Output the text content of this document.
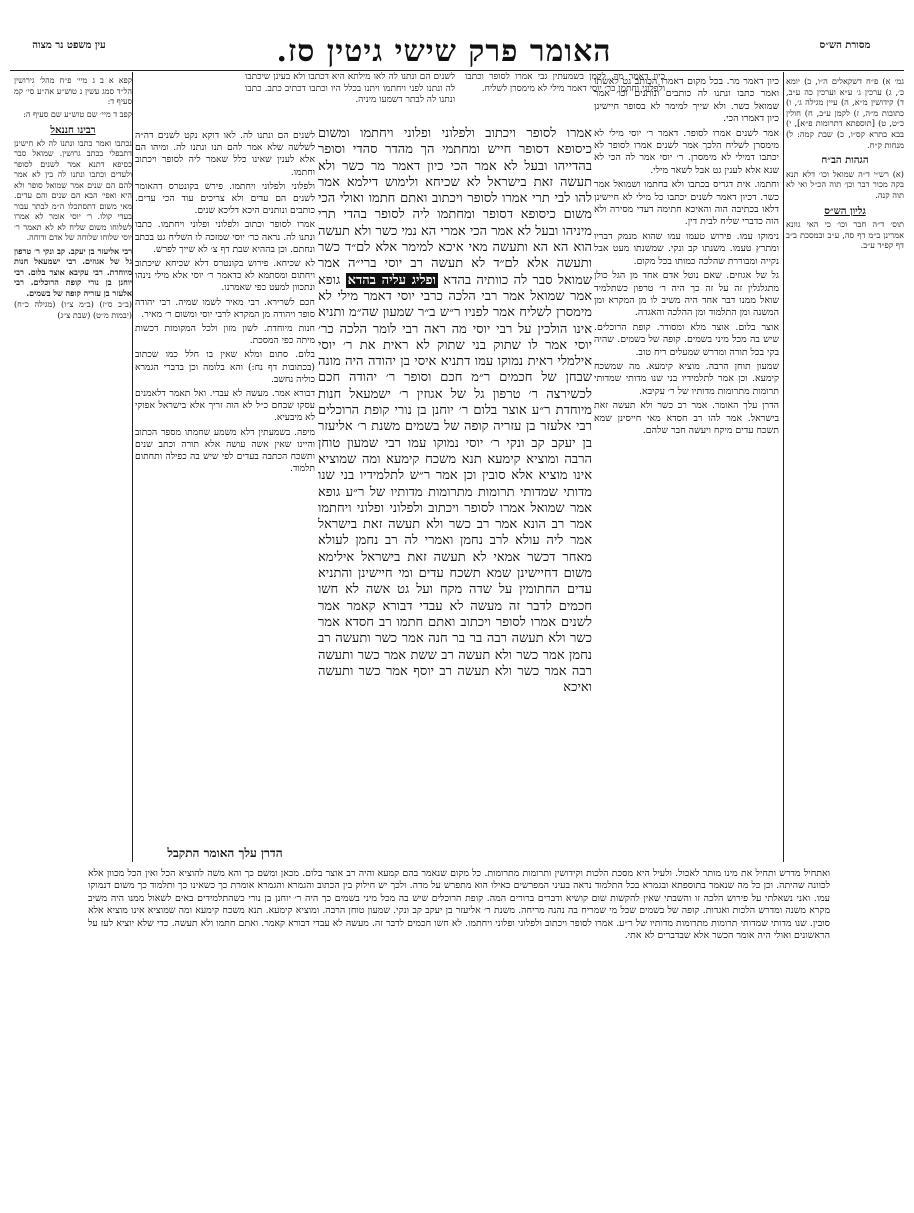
מסורת הש״ס
האומר פרק שישי גיטין סז.
עין משפט נר מצוה

גמ׳ א) פ״ח דשקאלים ה״ו, ב) יומא כ׳, ג) ערכין ג׳ ע״א וערכין כה ע״ב, ד) קידושין מ״א, ה) עיין מגילה ג׳, ו) כתובות מ״ה, ז) לקמן ע״ב, ח) חולין כ״ט, ט) [תוספתא דתרומות פ״א], י) בבא בתרא קס״ו, כ) שבת קמה: ל) מנחות ק״ח.

הגהות הב״ח

(א) רש״י ד״ה שמואל וכו׳ דלא תנא בקה מכור דבר וכן׳ תוה הכ״ל ואי לא תוה קנה.

גליון הש״ס

תוס׳ ד״ה חבר וכו׳ כי האי גוונא אמרינן ב״מ דף סה, ע״ב ובמסכת ב״ב דף קפ״ד ע״ב.

קפא א ב ג מיי׳ פ״ח מהל׳ גירושין הל״ד סמג עשין נ טוש״ע אה״ע סי׳ קמ סעיף ד:

קפב ד מיי׳ שם טוש״ע שם סעיף ה:

רבינו חננאל

נכתבו ואמר כתבו ונתנו לה לא חישינן דתבפלי בכתב גרושין. שמואל סבר כסיפא דתנא אמר לשנים לסופר ולעדים וכתבו ונתנו לה בין לא אמר להם הם שנים אמר שמואל סופר ולא היא ואפי׳ הבא הם שנים והם עדים. מאי משום דתסתכלו ה״מ לבתר עבור בעדי קולו. ר׳ יוסי אומר לא אמרו לשלוחו משום שליח לא לא תאמר ר׳ יוסי שלוחו שלוחה של אדם ודוחה.

רבי אליעזר בן יעקב. קב ונקי ר׳ טרפון גל של אגוזים. רבי ישמעאל חנות מיוחדת. רבי עקיבא אוצר בלום. רבי יוחנן בן נורי קופת הרוכלים. רבי אלעזר בן עזריה קופה של בשמים.

(ב״ב ס״ז) (ב״מ צ״ו) (מגילה כ״ח) (יבמות מ״ט) (שבת צ״ג)

כיון דאמר מר. לקמן בשמעתין גבי אמרו לסופר וכתבו ולפלוני וחתמו כר׳ יוסי דאמר מילי לא מימסרן לשליח.

לשנים הם ונתנו לה לאו מילתא היא דכתבו ולא בעינן שיכתבו לה ונתנו לפני ויחתמו ויתנו בכלל היו וכתבו דכתיב כתב. כתבו ונתנו לה לבתר דשמעו מיניה.

כיון דאמר מר. בכל מקום דאמרו הכותב גט לאשתו ואמר כתבו ונתנו לה כותבים ונותנים וכו׳ אמר שמואל כשר. ולא שייך למימר לא בסופר חיישינן כיון דאמרו הכי.

אמר לשנים אמרו לסופר. דאמר ר׳ יוסי מילי לא מימסרן לשליח הלכך אמר לשנים אמרו לסופר לא יכתבו דמילי לא מימסרן. ר׳ יוסי אמר לה הכי לא שנא אלא לענין גט אבל לשאר מילי.

וחתמו. אית דגריס בכתבו ולא בחתמו ושמואל אמר כשר. דכיון דאמר לשנים יכתבו כל מילי לא חיישינן דלאו בכתיבה הוה והאיכא חתימה דעדי מסירה ולא הוה כדברי שליח לבית דין.

נימוקו עמו. פירוש טעמו עמו שהוא מנמק דבריו ומתרץ טעמו. משנתו קב ונקי. שמשנתו מעט אבל נקייה ומבוררת שהלכה כמותו בכל מקום.

גל של אגוזים. שאם נוטל אדם אחד מן הגל כולן מתגלגלין זה על זה כך היה ר׳ טרפון כשתלמיד שואל ממנו דבר אחד היה משיב לו מן המקרא ומן המשנה ומן התלמוד ומן ההלכה והאגדה.

אוצר בלום. אוצר מלא ומסודר. קופת הרוכלים. שיש בה מכל מיני בשמים. קופה של בשמים. שהיה בקי בכל תורה ומדרש שמעלים ריח טוב.

שמעון תוחן הרבה. מוציא קימעא. מה שמשכח קימעא. וכן אמר לתלמידיו בני שנו מדותי שמדותי תרומות מתרומות מדותיו של ר׳ עקיבא.

הדרן עלך האומר. אמר רב כשר ולא תעשה זאת בישראל. אמר להו רב חסדא מאי חייסינן שמא תשכח עדים מיקח ויעשה חבר שלהם.

אמרו לסופר ויכתוב ולפלוני ופלוני ויחתמו ומשום כיסופא דסופר חייש ומחתמי הך מהדר סהדי וסופר בהדייהו ובעל לא אמר הכי כיון דאמר מר כשר ולא תעשה זאת בישראל לא שכיחא ולימוש דילמא אמר להו לבי תרי אמרו לסופר ויכתוב ואתם חתמו ואולי הכי משום כיסופא דסופר ומחתמו ליה לסופר בהדי תרי מיניהו ובעל לא אמר הכי אמרי הא נמי כשר ולא תעשה הוא הא הא ותעשה מאי איכא למימר אלא לם״ד כשר ותעשה אלא לם״ד לא תעשה רב יוסי ברי״ה אמר שמואל סבר לה כוותיה בהדא ופליג עליה בהדא גופא אמר שמואל אמר רבי הלכה כרבי יוסי דאמר מילי לא מימסרן לשליח אמר לפניו ר״ש ב״ר שמעון שה״מ ותניא אינו הולכין על רבי יוסי מה ראה רבי לומר הלכה כר׳ יוסי אמר לו שתוק בני שתוק לא ראית את ר׳ יוסי אילמלי ראית נמוקו עמו דתניא איסי בן יהודה היה מונה שבחן של חכמים ר״מ חכם וסופר ר׳ יהודה חכם לכשירצה ר׳ טרפון גל של אגוזין ר׳ ישמעאל חנות מיוחדת ר״ע אוצר בלום ר׳ יוחנן בן נורי קופת הרוכלים רבי אלעזר בן עזריה קופה של בשמים משנת ר׳ אליעזר בן יעקב קב ונקי ר׳ יוסי נמוקו עמו רבי שמעון טוחן הרבה ומוציא קימעא תנא משכח קימעא ומה שמוציא אינו מוציא אלא סובין וכן אמר ר״ש לתלמידיו בני שנו מדותי שמדותי תרומות מתרומות מדותיו של ר״ע גופא אמר שמואל אמרו לסופר ויכתוב ולפלוני ופלוני ויחתמו אמר רב הונא אמר רב כשר ולא תעשה זאת בישראל אמר ליה עולא לרב נחמן ואמרי לה רב נחמן לעולא מאחר דכשר אמאי לא תעשה זאת בישראל אילימא משום דחיישינן שמא תשכח עדים ומי חיישינן והתניא עדים החתומין על שדה מקח ועל גט אשה לא חשו חכמים לדבר זה מעשה לא עבדי דבורא קאמר אמר לשנים אמרו לסופר ויכתוב ואתם חתמו רב חסדא אמר כשר ולא תעשה רבה בר בר חנה אמר כשר ותעשה רב נחמן אמר כשר ולא תעשה רב ששת אמר כשר ותעשה רבה אמר כשר ולא תעשה רב יוסף אמר כשר ותעשה ואיכא

לשנים הם ונתנו לה. לאו דוקא נקט לשנים דה״ה לשלשה שלא אמר להם תנו ונתנו לה. ומיהו הם אלא לענין שאינו כלל שאמר ליה לסופר ויכתוב וחתמו.

ולפלוני ולפלוני ויחתמו. פירש בקונטרס דהאומר לשנים הם עדים ולא צריכים עוד הכי עדים. כותבים ונותנים היכא דליכא שנים.

אמרו לסופר וכתוב ולפלוני ופלוני ויחתמו. כתבו ונתנו לה. נראה כר׳ יוסי שמזכה לו השליח גט בכתב ונחתם. וכן בההיא שבת דף צ׳ לא שייך לפרש.

לא שכיחא. פירוש בקונטרס דלא שכיחא שיכתוב ויחתום ומסתמא לא כדאמר ר׳ יוסי אלא מילי נינהו ונתכוון למעט כפי שאמרנו.

חכם לשרירא. רבי מאיר לשמו שמיה. רבי יהודה סופר ויהודה מן המקרא לרבי יוסי ומשום ר׳ מאיר.

חנות מיוחדת. לשון מזון ולכל המקומות דכשות מיתה כפי המסכת.

בלום. סתום ומלא שאין בו חלל כמו שכתוב (בכתובות דף נח:) והא בלומה וכן בדברי הגמרא כוליה נחשב.

דבורא אמר. מעשה לא עבדי. ואל תאמר דלאמנים עסקו שבחם כ״ל לא הוה זריך אלא בישראל אפוקי לא מיבעיא.

מיפה. בשמעתין דלא משמע שחמתו מספר הכתוב והיינו שאין אשה עושה אלא תורה וכתב שנים ותשכח הכתבה בעדים לפי שיש בה כפילה ותחתום תלמוד.

הדרן עלך האומר התקבל

ואתחיל מדרש ותחיל את מינו מותר לאכול. ולעיל היא מסכת הלכות וקידושין ותרומות מתרומות. כל מקום שנאמר בהם קמעא והיה רב אוצר בלום. מכאן ומשם כך והא משה להוציא הכל ואין הכל מכוון אלא לכוונה שהיתה. וכן כל מה שנאמר בתוספתא ובגמרא בכל התלמוד נראה בעיני המפרשים כאילו הוא מתפרש על מדה. ולכך יש חילוק בין הכתוב והגמרא והגמרא אומרת כך כשאינו כך ותלמוד כך משום דנמוקו עמו. ואני נשאלתי על פירוש הלכה זו והשבתי שאין להקשות שום קושיא ודברים ברורים המה. קופת הרוכלים שיש בה מכל מיני בשמים כך היה ר׳ יוחנן בן נורי כשהתלמידים באים לשאול ממנו היה משיב מקרא משנה ומדרש הלכות ואגדות. קופה של בשמים שכל מי שמריח בה נהנה מריחה. משנת ר׳ אליעזר בן יעקב קב ונקי. שמעון טוחן הרבה. ומוציא קימעא. תנא משכח קימעא ומה שמוציא אינו מוציא אלא סובין. שנו מדותי שמדותי תרומות מתרומות מדותיו של ר״ע. אמרו לסופר ויכתוב ולפלוני ופלוני ויחתמו. לא חשו חכמים לדבר זה. מעשה לא עבדי דבורא קאמר. ואתם חתמו ולא תעשה. כדי שלא יוציא לעז על הראשונים ואולי היה אומר הכשר אלא שבדברים לא אתי.
